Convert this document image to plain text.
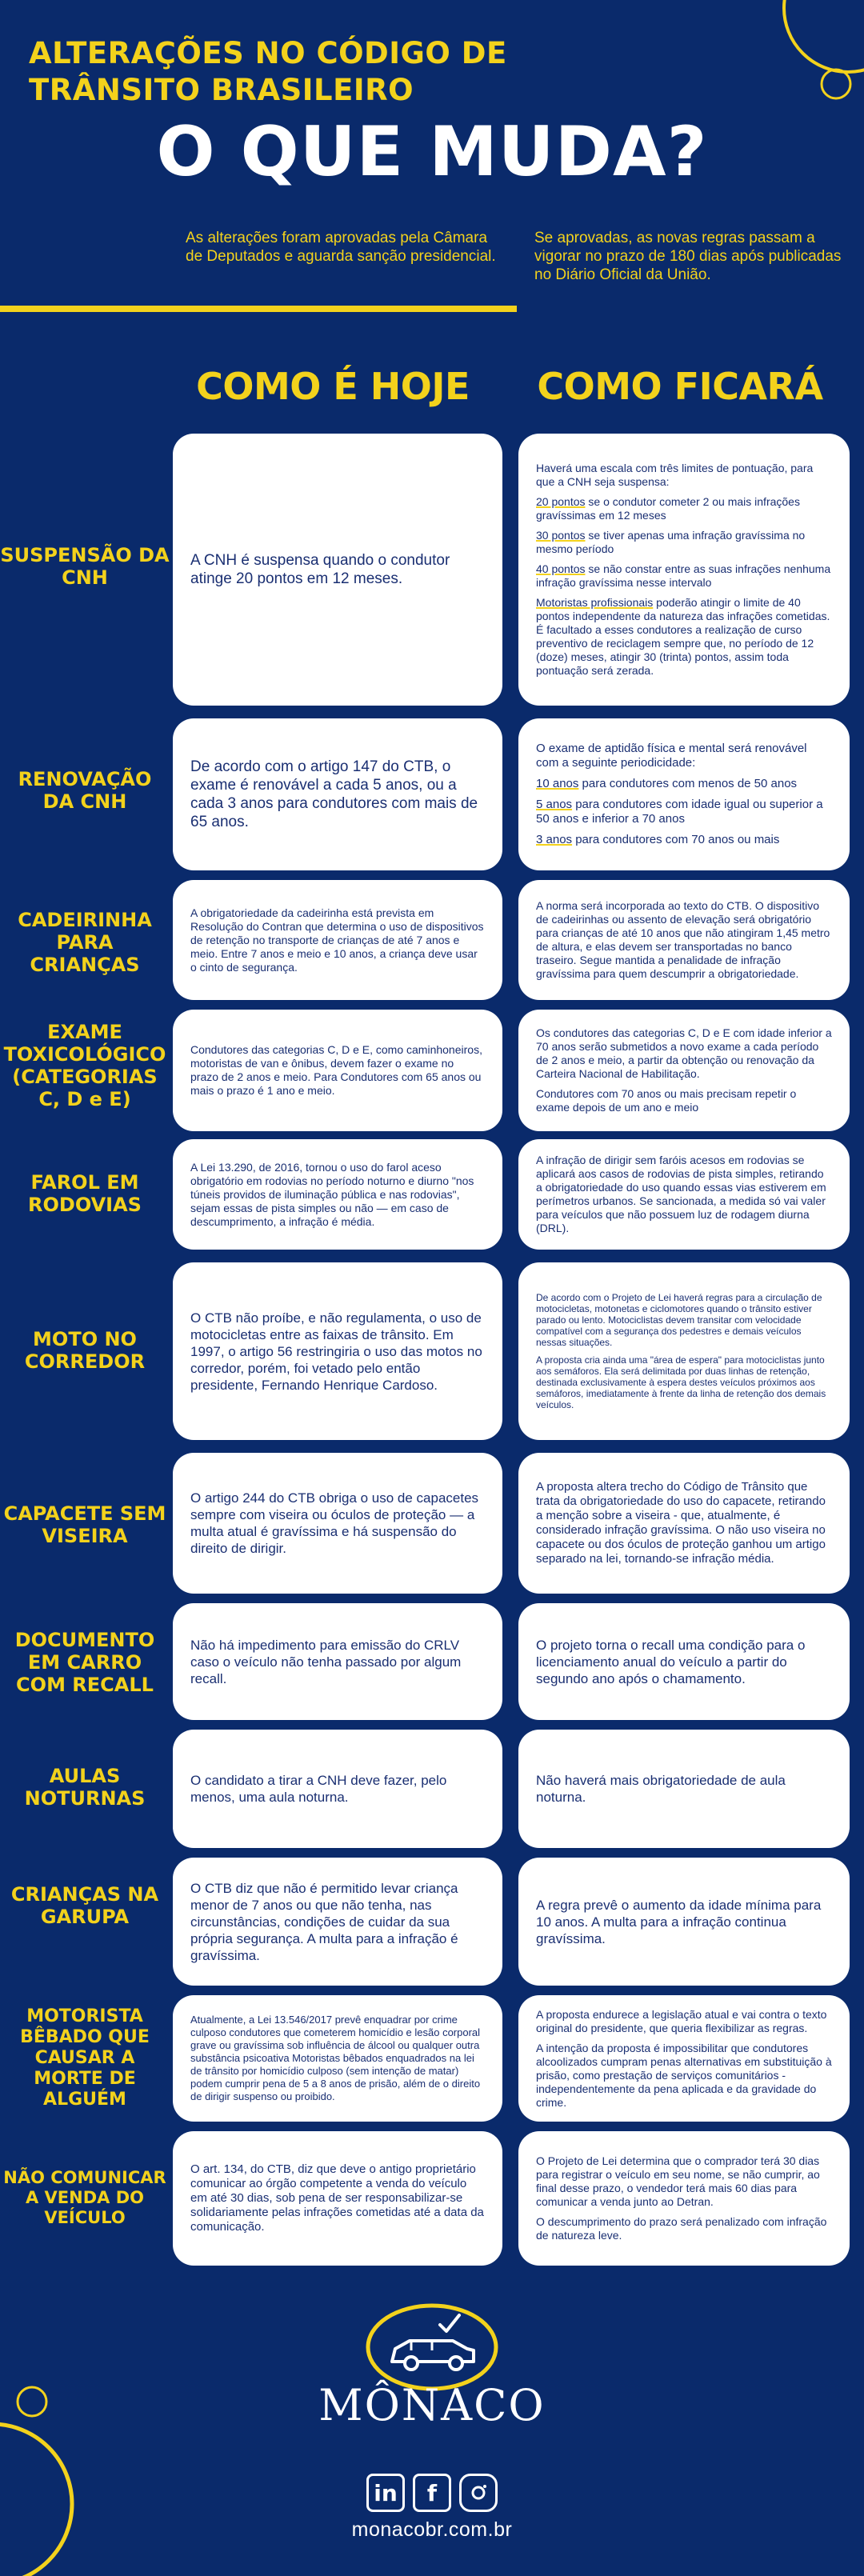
ALTERAÇÕES NO CÓDIGO DE TRÂNSITO BRASILEIRO
O QUE MUDA?
As alterações foram aprovadas pela Câmara de Deputados e aguarda sanção presidencial.
Se aprovadas, as novas regras passam a vigorar no prazo de 180 dias após publicadas no Diário Oficial da União.
COMO É HOJE	COMO FICARÁ
SUSPENSÃO DA CNH
A CNH é suspensa quando o condutor atinge 20 pontos em 12 meses.

Haverá uma escala com três limites de pontuação, para que a CNH seja suspensa:

20 pontos se o condutor cometer 2 ou mais infrações gravíssimas em 12 meses

30 pontos se tiver apenas uma infração gravíssima no mesmo período

40 pontos se não constar entre as suas infrações nenhuma infração gravíssima nesse intervalo

Motoristas profissionais poderão atingir o limite de 40 pontos independente da natureza das infrações cometidas. É facultado a esses condutores a realização de curso preventivo de reciclagem sempre que, no período de 12 (doze) meses, atingir 30 (trinta) pontos, assim toda pontuação será zerada.

RENOVAÇÃO DA CNH
De acordo com o artigo 147 do CTB, o exame é renovável a cada 5 anos, ou a cada 3 anos para condutores com mais de 65 anos.

O exame de aptidão física e mental será renovável com a seguinte periodicidade:

10 anos para condutores com menos de 50 anos

5 anos para condutores com idade igual ou superior a 50 anos e inferior a 70 anos

3 anos para condutores com 70 anos ou mais

CADEIRINHA PARA CRIANÇAS
A obrigatoriedade da cadeirinha está prevista em Resolução do Contran que determina o uso de dispositivos de retenção no transporte de crianças de até 7 anos e meio. Entre 7 anos e meio e 10 anos, a criança deve usar o cinto de segurança.
A norma será incorporada ao texto do CTB. O dispositivo de cadeirinhas ou assento de elevação será obrigatório para crianças de até 10 anos que não atingiram 1,45 metro de altura, e elas devem ser transportadas no banco traseiro. Segue mantida a penalidade de infração gravíssima para quem descumprir a obrigatoriedade.
EXAME TOXICOLÓGICO (CATEGORIAS C, D e E)
Condutores das categorias C, D e E, como caminhoneiros, motoristas de van e ônibus, devem fazer o exame no prazo de 2 anos e meio. Para Condutores com 65 anos ou mais o prazo é 1 ano e meio.

Os condutores das categorias C, D e E com idade inferior a 70 anos serão submetidos a novo exame a cada período de 2 anos e meio, a partir da obtenção ou renovação da Carteira Nacional de Habilitação.

Condutores com 70 anos ou mais precisam repetir o exame depois de um ano e meio

FAROL EM RODOVIAS
A Lei 13.290, de 2016, tornou o uso do farol aceso obrigatório em rodovias no período noturno e diurno "nos túneis providos de iluminação pública e nas rodovias", sejam essas de pista simples ou não — em caso de descumprimento, a infração é média.
A infração de dirigir sem faróis acesos em rodovias se aplicará aos casos de rodovias de pista simples, retirando a obrigatoriedade do uso quando essas vias estiverem em perímetros urbanos. Se sancionada, a medida só vai valer para veículos que não possuem luz de rodagem diurna (DRL).
MOTO NO CORREDOR
O CTB não proíbe, e não regulamenta, o uso de motocicletas entre as faixas de trânsito. Em 1997, o artigo 56 restringiria o uso das motos no corredor, porém, foi vetado pelo então presidente, Fernando Henrique Cardoso.

De acordo com o Projeto de Lei haverá regras para a circulação de motocicletas, motonetas e ciclomotores quando o trânsito estiver parado ou lento. Motociclistas devem transitar com velocidade compatível com a segurança dos pedestres e demais veículos nessas situações.

A proposta cria ainda uma "área de espera" para motociclistas junto aos semáforos. Ela será delimitada por duas linhas de retenção, destinada exclusivamente à espera destes veículos próximos aos semáforos, imediatamente à frente da linha de retenção dos demais veículos.

CAPACETE SEM VISEIRA
O artigo 244 do CTB obriga o uso de capacetes sempre com viseira ou óculos de proteção — a multa atual é gravíssima e há suspensão do direito de dirigir.
A proposta altera trecho do Código de Trânsito que trata da obrigatoriedade do uso do capacete, retirando a menção sobre a viseira - que, atualmente, é considerado infração gravíssima. O não uso viseira no capacete ou dos óculos de proteção ganhou um artigo separado na lei, tornando-se infração média.
DOCUMENTO EM CARRO COM RECALL
Não há impedimento para emissão do CRLV caso o veículo não tenha passado por algum recall.
O projeto torna o recall uma condição para o licenciamento anual do veículo a partir do segundo ano após o chamamento.
AULAS NOTURNAS
O candidato a tirar a CNH deve fazer, pelo menos, uma aula noturna.
Não haverá mais obrigatoriedade de aula noturna.
CRIANÇAS NA GARUPA
O CTB diz que não é permitido levar criança menor de 7 anos ou que não tenha, nas circunstâncias, condições de cuidar da sua própria segurança. A multa para a infração é gravíssima.
A regra prevê o aumento da idade mínima para 10 anos. A multa para a infração continua gravíssima.
MOTORISTA BÊBADO QUE CAUSAR A MORTE DE ALGUÉM
Atualmente, a Lei 13.546/2017 prevê enquadrar por crime culposo condutores que cometerem homicídio e lesão corporal grave ou gravíssima sob influência de álcool ou qualquer outra substância psicoativa Motoristas bêbados enquadrados na lei de trânsito por homicídio culposo (sem intenção de matar) podem cumprir pena de 5 a 8 anos de prisão, além de o direito de dirigir suspenso ou proibido.

A proposta endurece a legislação atual e vai contra o texto original do presidente, que queria flexibilizar as regras.

A intenção da proposta é impossibilitar que condutores alcoolizados cumpram penas alternativas em substituição à prisão, como prestação de serviços comunitários - independentemente da pena aplicada e da gravidade do crime.

NÃO COMUNICAR A VENDA DO VEÍCULO
O art. 134, do CTB, diz que deve o antigo proprietário comunicar ao órgão competente a venda do veículo em até 30 dias, sob pena de ser responsabilizar-se solidariamente pelas infrações cometidas até a data da comunicação.

O Projeto de Lei determina que o comprador terá 30 dias para registrar o veículo em seu nome, se não cumprir, ao final desse prazo, o vendedor terá mais 60 dias para comunicar a venda junto ao Detran.

O descumprimento do prazo será penalizado com infração de natureza leve.

MÔNACO
in f
monacobr.com.br
